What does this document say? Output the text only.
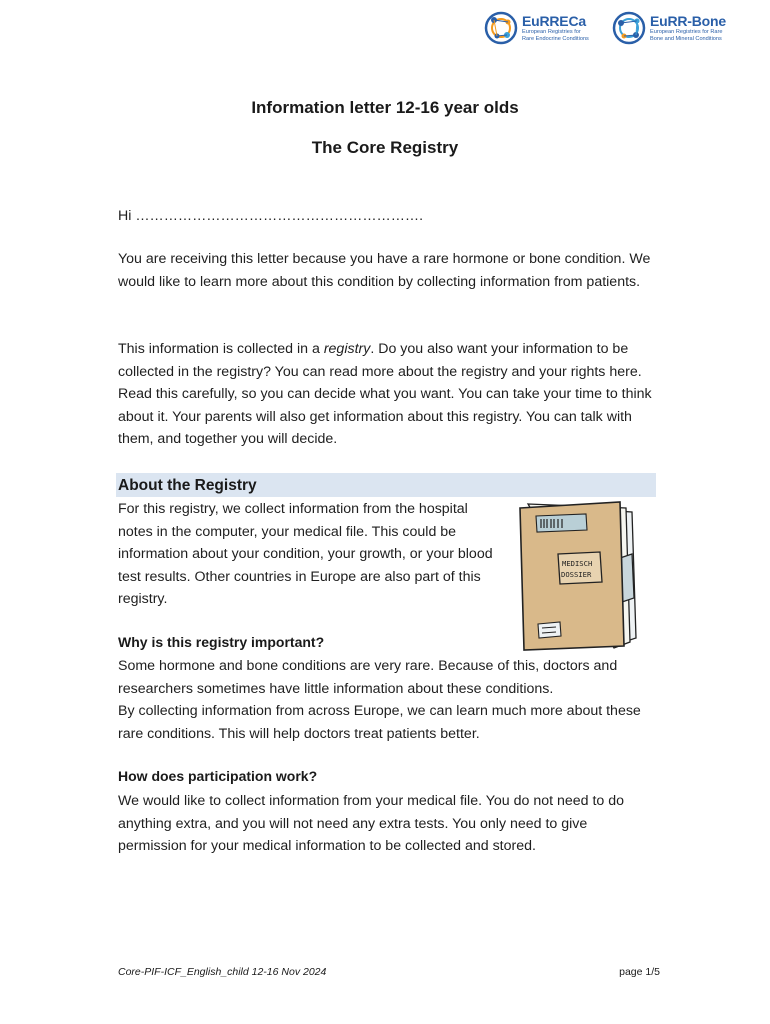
EuRRECa
European Registries for
Rare Endocrine Conditions
EuRR-Bone
European Registries for Rare
Bone and Mineral Conditions
Information letter 12-16 year olds
The Core Registry
Hi …………………………………………………….
You are receiving this letter because you have a rare hormone or bone condition. We would like to learn more about this condition by collecting information from patients.
This information is collected in a registry. Do you also want your information to be collected in the registry? You can read more about the registry and your rights here. Read this carefully, so you can decide what you want. You can take your time to think about it. Your parents will also get information about this registry. You can talk with them, and together you will decide.
About the Registry
For this registry, we collect information from the hospital notes in the computer, your medical file. This could be information about your condition, your growth, or your blood test results. Other countries in Europe are also part of this registry.
MEDISCH
DOSSIER
Why is this registry important?
Some hormone and bone conditions are very rare. Because of this, doctors and researchers sometimes have little information about these conditions.
By collecting information from across Europe, we can learn much more about these rare conditions. This will help doctors treat patients better.
How does participation work?
We would like to collect information from your medical file. You do not need to do anything extra, and you will not need any extra tests. You only need to give permission for your medical information to be collected and stored.
Core-PIF-ICF_English_child 12-16 Nov 2024	page 1/5
